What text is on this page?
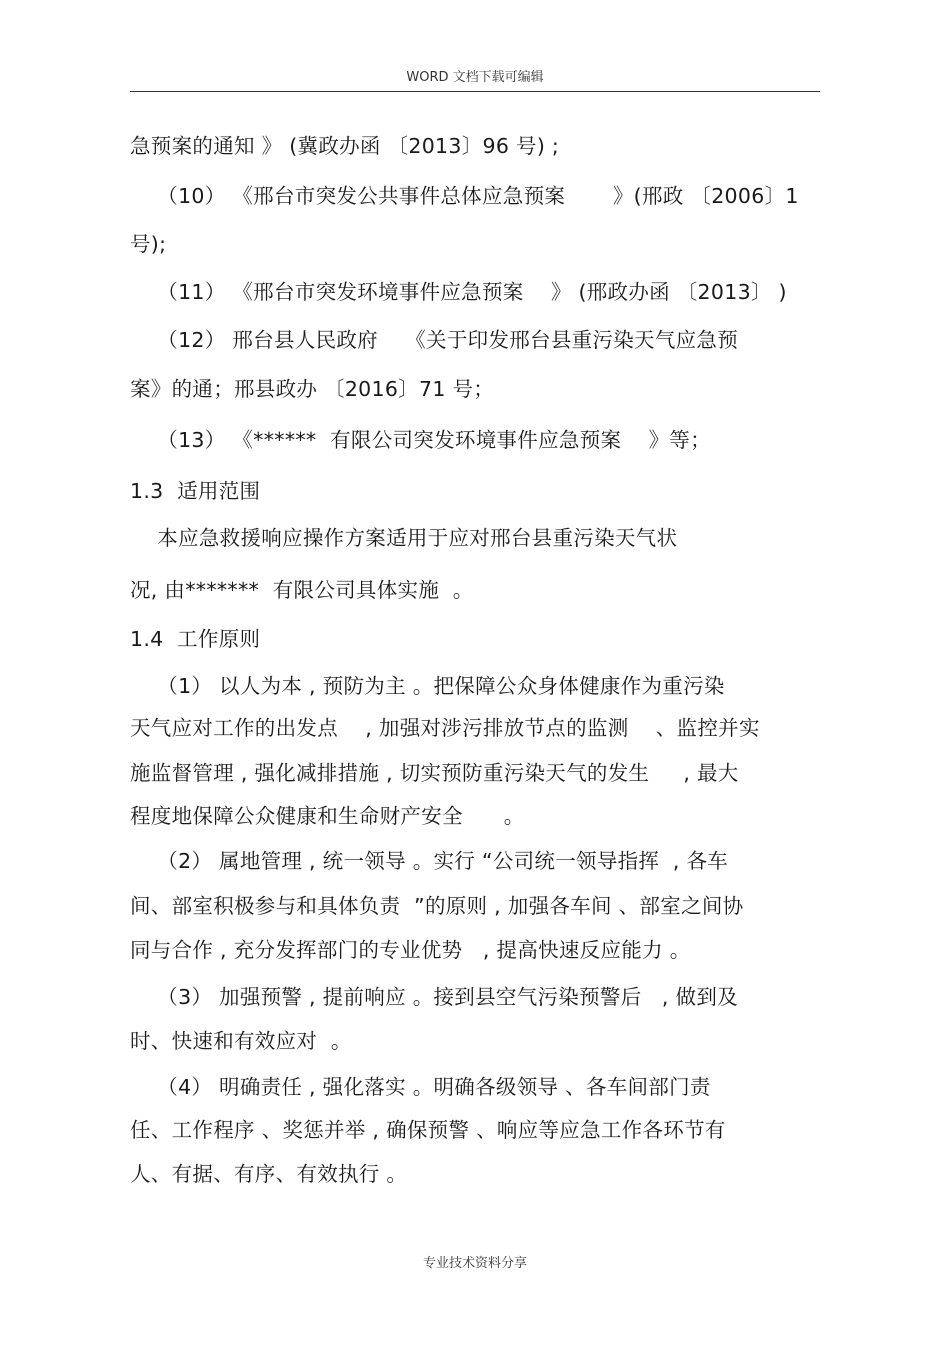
WORD 文档下载可编辑
急预案的通知 》 (冀政办函 〔2013〕96 号) ;
（10） 《邢台市突发公共事件总体应急预案       》(邢政 〔2006〕1
号);
（11） 《邢台市突发环境事件应急预案    》 (邢政办函 〔2013〕 )
（12） 邢台县人民政府    《关于印发邢台县重污染天气应急预
案》的通；邢县政办 〔2016〕71 号；
（13） 《******  有限公司突发环境事件应急预案    》等；
1.3  适用范围
本应急救援响应操作方案适用于应对邢台县重污染天气状
况, 由*******  有限公司具体实施  。
1.4  工作原则
（1） 以人为本 , 预防为主 。把保障公众身体健康作为重污染
天气应对工作的出发点    , 加强对涉污排放节点的监测    、监控并实
施监督管理 , 强化减排措施 , 切实预防重污染天气的发生     , 最大
程度地保障公众健康和生命财产安全      。
（2） 属地管理 , 统一领导 。实行 “公司统一领导指挥  , 各车
间、部室积极参与和具体负责  ”的原则 , 加强各车间 、部室之间协
同与合作 , 充分发挥部门的专业优势   , 提高快速反应能力 。
（3） 加强预警 , 提前响应 。接到县空气污染预警后   , 做到及
时、快速和有效应对  。
（4） 明确责任 , 强化落实 。明确各级领导 、各车间部门责
任、工作程序 、奖惩并举 , 确保预警 、响应等应急工作各环节有
人、有据、有序、有效执行 。
专业技术资料分享
